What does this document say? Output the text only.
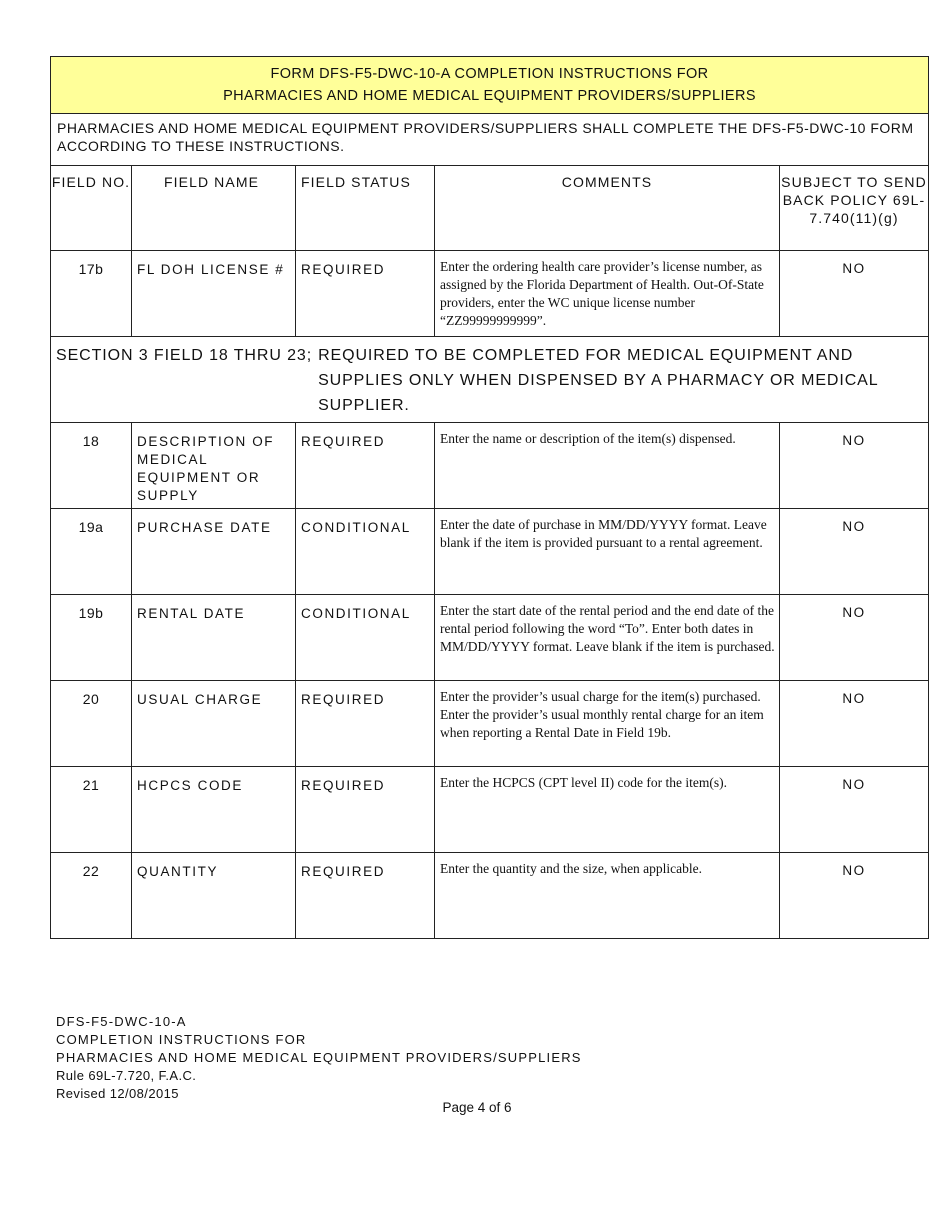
FORM DFS-F5-DWC-10-A COMPLETION INSTRUCTIONS FOR
PHARMACIES AND HOME MEDICAL EQUIPMENT PROVIDERS/SUPPLIERS				

PHARMACIES AND HOME MEDICAL EQUIPMENT PROVIDERS/SUPPLIERS SHALL COMPLETE THE DFS-F5-DWC-10 FORM ACCORDING TO THESE INSTRUCTIONS.				
FIELD NO.	FIELD NAME	FIELD STATUS	COMMENTS	SUBJECT TO SEND BACK POLICY 69L-7.740(11)(g)
17b	FL DOH LICENSE #	REQUIRED	Enter the ordering health care provider’s license number, as assigned by the Florida Department of Health. Out-Of-State providers, enter the WC unique license number “ZZ99999999999”.	NO

SECTION 3 FIELD 18 THRU 23; REQUIRED TO BE COMPLETED FOR MEDICAL EQUIPMENT AND SUPPLIES ONLY WHEN DISPENSED BY A PHARMACY OR MEDICAL SUPPLIER.				

18	DESCRIPTION OF MEDICAL EQUIPMENT OR SUPPLY	REQUIRED	Enter the name or description of the item(s) dispensed.	NO
19a	PURCHASE DATE	CONDITIONAL	Enter the date of purchase in MM/DD/YYYY format. Leave blank if the item is provided pursuant to a rental agreement.	NO
19b	RENTAL DATE	CONDITIONAL	Enter the start date of the rental period and the end date of the rental period following the word “To”. Enter both dates in MM/DD/YYYY format. Leave blank if the item is purchased.	NO
20	USUAL CHARGE	REQUIRED	Enter the provider’s usual charge for the item(s) purchased. Enter the provider’s usual monthly rental charge for an item when reporting a Rental Date in Field 19b.	NO
21	HCPCS CODE	REQUIRED	Enter the HCPCS (CPT level II) code for the item(s).	NO
22	QUANTITY	REQUIRED	Enter the quantity and the size, when applicable.	NO
DFS-F5-DWC-10-A
COMPLETION INSTRUCTIONS FOR
PHARMACIES AND HOME MEDICAL EQUIPMENT PROVIDERS/SUPPLIERS
Rule 69L-7.720, F.A.C.
Revised 12/08/2015
Page 4 of 6
